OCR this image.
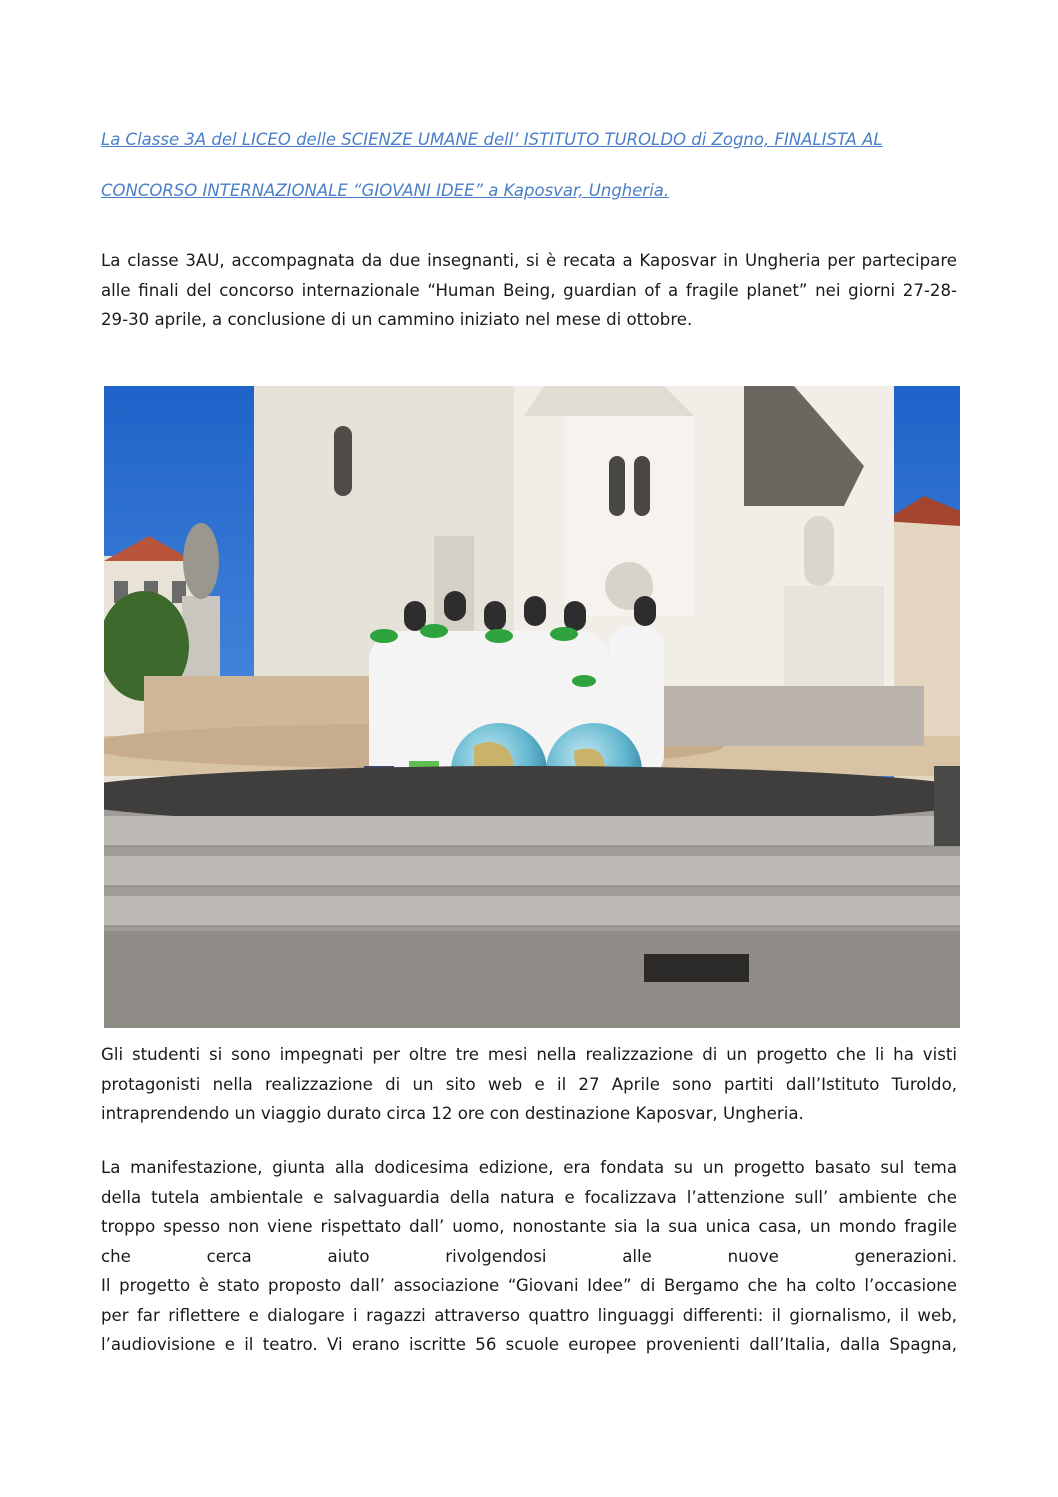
La Classe 3A del LICEO delle SCIENZE UMANE dell’ ISTITUTO TUROLDO di Zogno, FINALISTA AL
CONCORSO INTERNAZIONALE “GIOVANI IDEE” a Kaposvar, Ungheria.
La classe 3AU, accompagnata da due insegnanti, si è recata a Kaposvar in Ungheria per partecipare
alle finali del concorso internazionale “Human Being, guardian of a fragile planet” nei giorni 27-28-
29-30 aprile, a conclusione di un cammino iniziato nel mese di ottobre.
Gli studenti si sono impegnati per oltre tre mesi nella realizzazione di un progetto che li ha visti
protagonisti nella realizzazione di un sito web e il 27 Aprile sono partiti dall’Istituto Turoldo,
intraprendendo un viaggio durato circa 12 ore con destinazione Kaposvar, Ungheria.
La manifestazione, giunta alla dodicesima edizione, era fondata su un progetto basato sul tema
della tutela ambientale e salvaguardia della natura e focalizzava l’attenzione sull’ ambiente che
troppo spesso non viene rispettato dall’ uomo, nonostante sia la sua unica casa, un mondo fragile
che cerca aiuto rivolgendosi alle nuove generazioni.
Il progetto è stato proposto dall’ associazione “Giovani Idee” di Bergamo che ha colto l’occasione
per far riflettere e dialogare i ragazzi attraverso quattro linguaggi differenti: il giornalismo, il web,
l’audiovisione e il teatro. Vi erano iscritte 56 scuole europee provenienti dall’Italia, dalla Spagna,
